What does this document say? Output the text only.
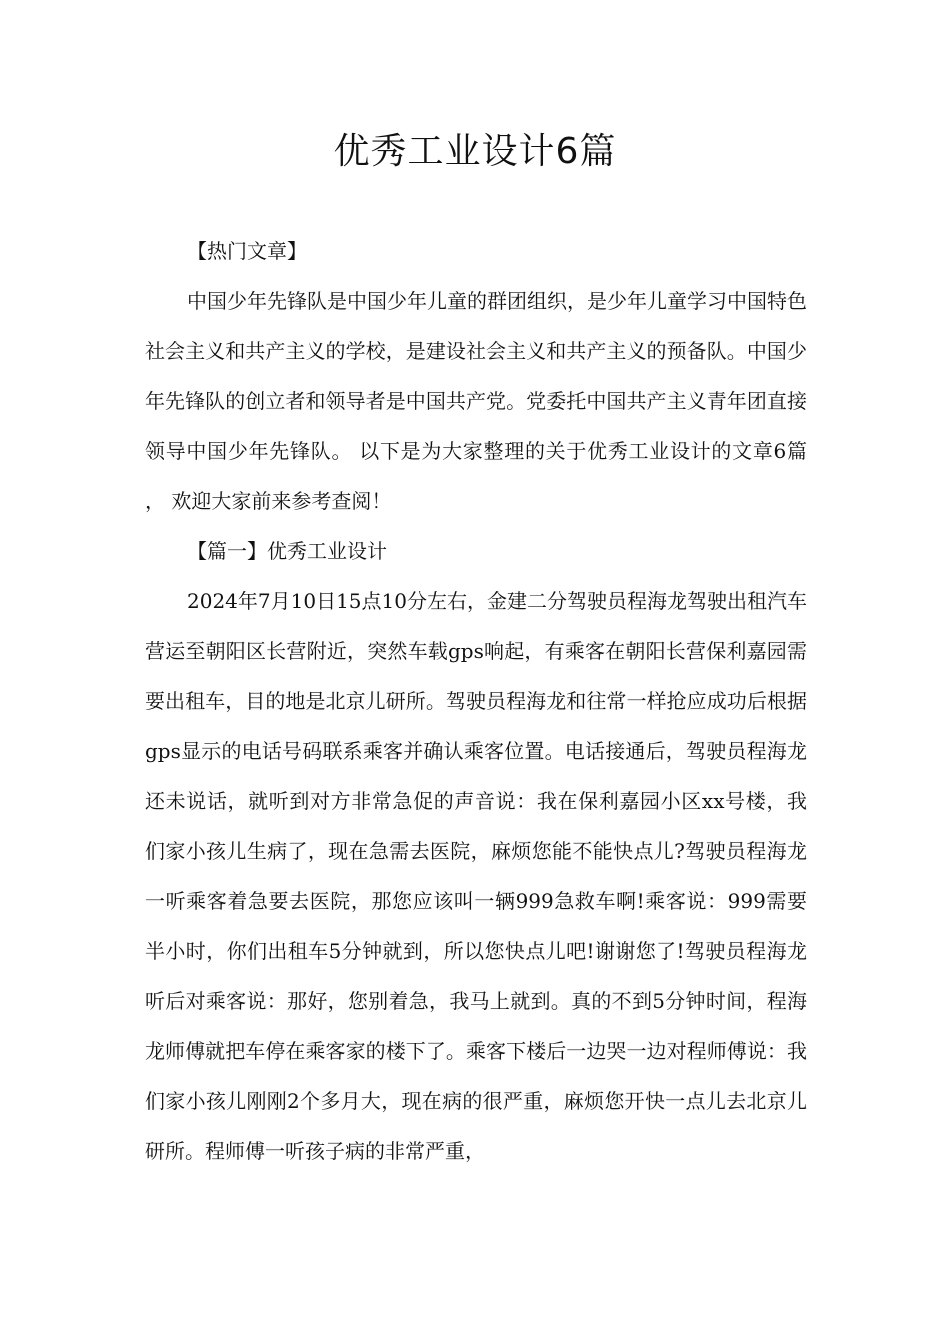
优秀工业设计6篇

【热门文章】

中国少年先锋队是中国少年儿童的群团组织，是少年儿童学习中国特色社会主义和共产主义的学校，是建设社会主义和共产主义的预备队。中国少年先锋队的创立者和领导者是中国共产党。党委托中国共产主义青年团直接领导中国少年先锋队。 以下是为大家整理的关于优秀工业设计的文章6篇 ， 欢迎大家前来参考查阅！

【篇一】优秀工业设计

2024年7月10日15点10分左右，金建二分驾驶员程海龙驾驶出租汽车营运至朝阳区长营附近，突然车载gps响起，有乘客在朝阳长营保利嘉园需要出租车，目的地是北京儿研所。驾驶员程海龙和往常一样抢应成功后根据gps显示的电话号码联系乘客并确认乘客位置。电话接通后，驾驶员程海龙还未说话，就听到对方非常急促的声音说：我在保利嘉园小区xx号楼，我们家小孩儿生病了，现在急需去医院，麻烦您能不能快点儿?驾驶员程海龙一听乘客着急要去医院，那您应该叫一辆999急救车啊!乘客说：999需要半小时，你们出租车5分钟就到，所以您快点儿吧!谢谢您了!驾驶员程海龙听后对乘客说：那好，您别着急，我马上就到。真的不到5分钟时间，程海龙师傅就把车停在乘客家的楼下了。乘客下楼后一边哭一边对程师傅说：我们家小孩儿刚刚2个多月大，现在病的很严重，麻烦您开快一点儿去北京儿研所。程师傅一听孩子病的非常严重，
